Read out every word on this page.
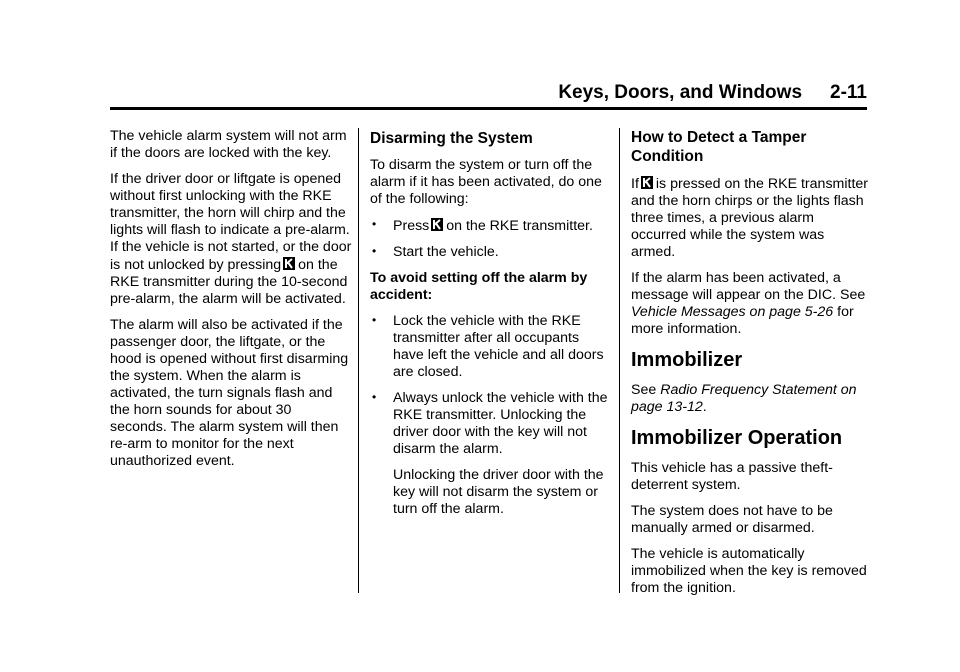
Keys, Doors, and Windows 2-11

The vehicle alarm system will not arm if the doors are locked with the key.

If the driver door or liftgate is opened without first unlocking with the RKE transmitter, the horn will chirp and the lights will flash to indicate a pre-alarm. If the vehicle is not started, or the door is not unlocked by pressing on the RKE transmitter during the 10-second pre-alarm, the alarm will be activated.

The alarm will also be activated if the passenger door, the liftgate, or the hood is opened without first disarming the system. When the alarm is activated, the turn signals flash and the horn sounds for about 30 seconds. The alarm system will then re-arm to monitor for the next unauthorized event.

Disarming the System

To disarm the system or turn off the alarm if it has been activated, do one of the following:

• Press on the RKE transmitter.
• Start the vehicle.

To avoid setting off the alarm by accident:

• Lock the vehicle with the RKE transmitter after all occupants have left the vehicle and all doors are closed.
• Always unlock the vehicle with the RKE transmitter. Unlocking the driver door with the key will not disarm the alarm.

Unlocking the driver door with the key will not disarm the system or turn off the alarm.

How to Detect a Tamper Condition

If is pressed on the RKE transmitter and the horn chirps or the lights flash three times, a previous alarm occurred while the system was armed.

If the alarm has been activated, a message will appear on the DIC. See Vehicle Messages on page 5-26 for more information.

Immobilizer

See Radio Frequency Statement on page 13-12.

Immobilizer Operation

This vehicle has a passive theft-deterrent system.

The system does not have to be manually armed or disarmed.

The vehicle is automatically immobilized when the key is removed from the ignition.
